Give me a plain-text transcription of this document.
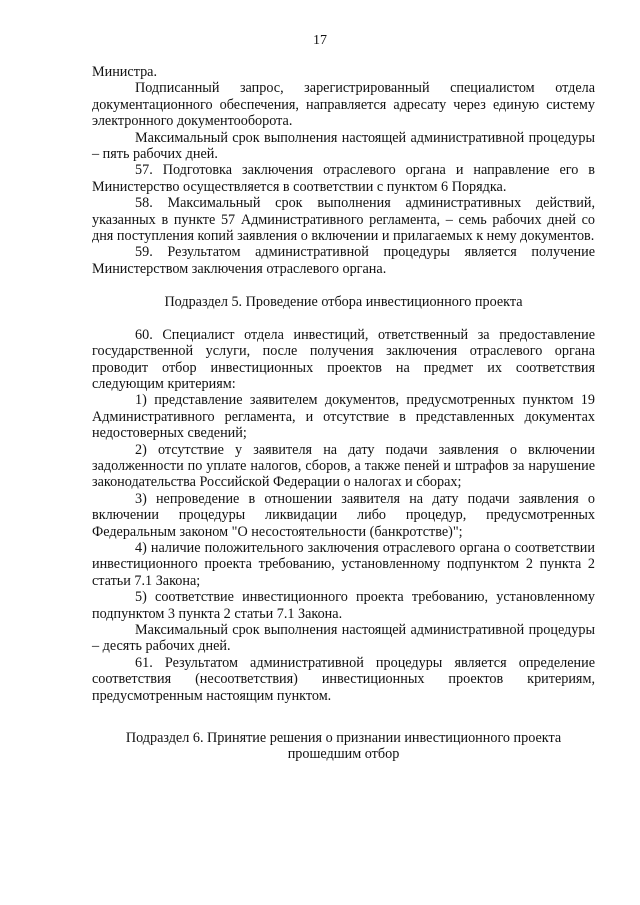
17

Министра.

Подписанный запрос, зарегистрированный специалистом отдела документационного обеспечения, направляется адресату через единую систему электронного документооборота.

Максимальный срок выполнения настоящей административной процедуры – пять рабочих дней.

57. Подготовка заключения отраслевого органа и направление его в Министерство осуществляется в соответствии с пунктом 6 Порядка.

58. Максимальный срок выполнения административных действий, указанных в пункте 57 Административного регламента, – семь рабочих дней со дня поступления копий заявления о включении и прилагаемых к нему документов.

59. Результатом административной процедуры является получение Министерством заключения отраслевого органа.

Подраздел 5. Проведение отбора инвестиционного проекта

60. Специалист отдела инвестиций, ответственный за предоставление государственной услуги, после получения заключения отраслевого органа проводит отбор инвестиционных проектов на предмет их соответствия следующим критериям:

1) представление заявителем документов, предусмотренных пунктом 19 Административного регламента, и отсутствие в представленных документах недостоверных сведений;

2) отсутствие у заявителя на дату подачи заявления о включении задолженности по уплате налогов, сборов, а также пеней и штрафов за нарушение законодательства Российской Федерации о налогах и сборах;

3) непроведение в отношении заявителя на дату подачи заявления о включении процедуры ликвидации либо процедур, предусмотренных Федеральным законом "О несостоятельности (банкротстве)";

4) наличие положительного заключения отраслевого органа о соответствии инвестиционного проекта требованию, установленному подпунктом 2 пункта 2 статьи 7.1 Закона;

5) соответствие инвестиционного проекта требованию, установленному подпунктом 3 пункта 2 статьи 7.1 Закона.

Максимальный срок выполнения настоящей административной процедуры – десять рабочих дней.

61. Результатом административной процедуры является определение соответствия (несоответствия) инвестиционных проектов критериям, предусмотренным настоящим пунктом.

Подраздел 6. Принятие решения о признании инвестиционного проекта

прошедшим отбор
